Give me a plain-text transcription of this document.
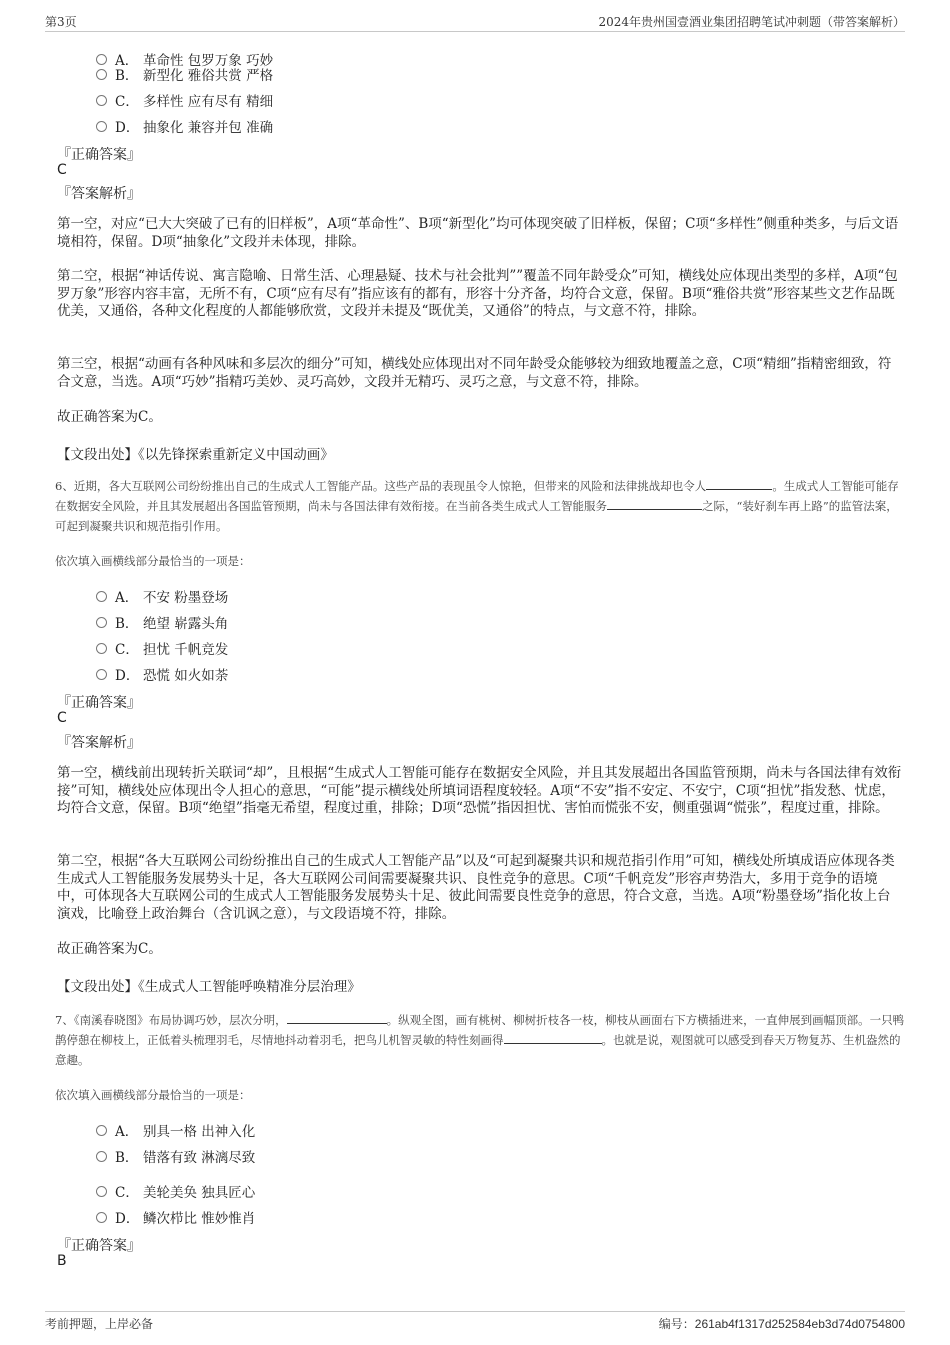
第3页	2024年贵州国壹酒业集团招聘笔试冲刺题（带答案解析）
A． 革命性 包罗万象 巧妙
B． 新型化 雅俗共赏 严格
C． 多样性 应有尽有 精细
D． 抽象化 兼容并包 准确
『正确答案』
C
『答案解析』
第一空，对应“已大大突破了已有的旧样板”，A项“革命性”、B项“新型化”均可体现突破了旧样板，保留；C项“多样性”侧重种类多，与后文语境相符，保留。D项“抽象化”文段并未体现，排除。
第二空，根据“神话传说、寓言隐喻、日常生活、心理悬疑、技术与社会批判””覆盖不同年龄受众”可知，横线处应体现出类型的多样，A项“包罗万象”形容内容丰富，无所不有，C项“应有尽有”指应该有的都有，形容十分齐备，均符合文意，保留。B项“雅俗共赏”形容某些文艺作品既优美，又通俗，各种文化程度的人都能够欣赏，文段并未提及“既优美，又通俗”的特点，与文意不符，排除。
第三空，根据“动画有各种风味和多层次的细分”可知，横线处应体现出对不同年龄受众能够较为细致地覆盖之意，C项“精细”指精密细致，符合文意，当选。A项“巧妙”指精巧美妙、灵巧高妙，文段并无精巧、灵巧之意，与文意不符，排除。
故正确答案为C。
【文段出处】《以先锋探索重新定义中国动画》
6、近期，各大互联网公司纷纷推出自己的生成式人工智能产品。这些产品的表现虽令人惊艳，但带来的风险和法律挑战却也令人	。生成式人工智能可能存在数据安全风险，并且其发展超出各国监管预期，尚未与各国法律有效衔接。在当前各类生成式人工智能服务	之际，“装好刹车再上路”的监管法案，可起到凝聚共识和规范指引作用。
依次填入画横线部分最恰当的一项是：
A． 不安 粉墨登场
B． 绝望 崭露头角
C． 担忧 千帆竞发
D． 恐慌 如火如荼
『正确答案』
C
『答案解析』
第一空，横线前出现转折关联词“却”，且根据“生成式人工智能可能存在数据安全风险，并且其发展超出各国监管预期，尚未与各国法律有效衔接”可知，横线处应体现出令人担心的意思，“可能”提示横线处所填词语程度较轻。A项“不安”指不安定、不安宁，C项“担忧”指发愁、忧虑，均符合文意，保留。B项“绝望”指毫无希望，程度过重，排除；D项“恐慌”指因担忧、害怕而慌张不安，侧重强调“慌张”，程度过重，排除。
第二空，根据“各大互联网公司纷纷推出自己的生成式人工智能产品”以及“可起到凝聚共识和规范指引作用”可知，横线处所填成语应体现各类生成式人工智能服务发展势头十足，各大互联网公司间需要凝聚共识、良性竞争的意思。C项“千帆竞发”形容声势浩大，多用于竞争的语境中，可体现各大互联网公司的生成式人工智能服务发展势头十足、彼此间需要良性竞争的意思，符合文意，当选。A项“粉墨登场”指化妆上台演戏，比喻登上政治舞台（含讥讽之意），与文段语境不符，排除。
故正确答案为C。
【文段出处】《生成式人工智能呼唤精准分层治理》
7、《南溪春晓图》布局协调巧妙，层次分明，	。纵观全图，画有桃树、柳树折枝各一枝，柳枝从画面右下方横插进来，一直伸展到画幅顶部。一只鸭鹊停憩在柳枝上，正低着头梳理羽毛，尽情地抖动着羽毛，把鸟儿机智灵敏的特性刻画得	。也就是说，观图就可以感受到春天万物复苏、生机盎然的意趣。
依次填入画横线部分最恰当的一项是：
A． 别具一格 出神入化
B． 错落有致 淋漓尽致
C． 美轮美奂 独具匠心
D． 鳞次栉比 惟妙惟肖
『正确答案』
B
考前押题，上岸必备	编号：261ab4f1317d252584eb3d74d0754800
